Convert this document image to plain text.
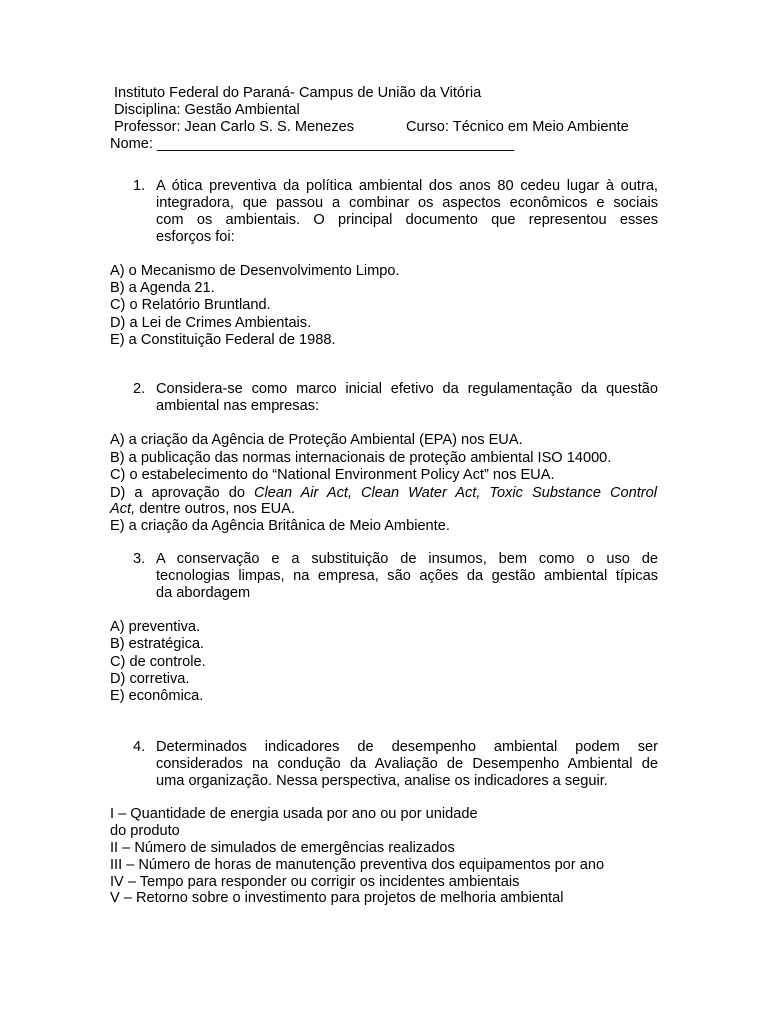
Instituto Federal do Paraná- Campus de União da Vitória
Disciplina: Gestão Ambiental
Professor: Jean Carlo S. S. Menezes	Curso: Técnico em Meio Ambiente
Nome: ____________________________________________
1. A ótica preventiva da política ambiental dos anos 80 cedeu lugar à outra,
integradora, que passou a combinar os aspectos econômicos e sociais
com os ambientais. O principal documento que representou esses
esforços foi:
A) o Mecanismo de Desenvolvimento Limpo.
B) a Agenda 21.
C) o Relatório Bruntland.
D) a Lei de Crimes Ambientais.
E) a Constituição Federal de 1988.
2. Considera-se como marco inicial efetivo da regulamentação da questão
ambiental nas empresas:
A) a criação da Agência de Proteção Ambiental (EPA) nos EUA.
B) a publicação das normas internacionais de proteção ambiental ISO 14000.
C) o estabelecimento do “National Environment Policy Act” nos EUA.
D) a aprovação do Clean Air Act, Clean Water Act, Toxic Substance Control
Act, dentre outros, nos EUA.
E) a criação da Agência Britânica de Meio Ambiente.
3. A conservação e a substituição de insumos, bem como o uso de
tecnologias limpas, na empresa, são ações da gestão ambiental típicas
da abordagem
A) preventiva.
B) estratégica.
C) de controle.
D) corretiva.
E) econômica.
4. Determinados indicadores de desempenho ambiental podem ser
considerados na condução da Avaliação de Desempenho Ambiental de
uma organização. Nessa perspectiva, analise os indicadores a seguir.
I – Quantidade de energia usada por ano ou por unidade
do produto
II – Número de simulados de emergências realizados
III – Número de horas de manutenção preventiva dos equipamentos por ano
IV – Tempo para responder ou corrigir os incidentes ambientais
V – Retorno sobre o investimento para projetos de melhoria ambiental
